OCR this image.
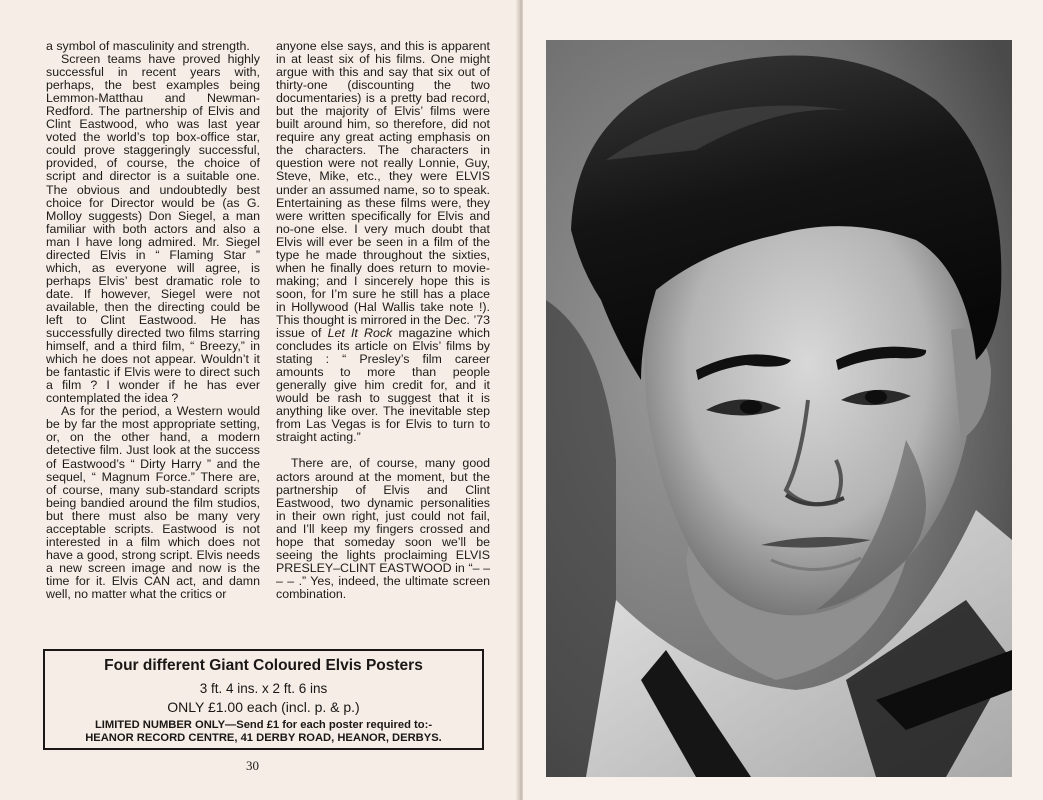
a symbol of masculinity and strength.

Screen teams have proved highly successful in recent years with, perhaps, the best examples being Lemmon-Matthau and Newman-Redford. The partnership of Elvis and Clint Eastwood, who was last year voted the world’s top box-office star, could prove staggeringly successful, provided, of course, the choice of script and director is a suitable one. The obvious and undoubtedly best choice for Director would be (as G. Molloy suggests) Don Siegel, a man familiar with both actors and also a man I have long admired. Mr. Siegel directed Elvis in “ Flaming Star ” which, as everyone will agree, is perhaps Elvis’ best dramatic role to date. If however, Siegel were not available, then the directing could be left to Clint Eastwood. He has successfully directed two films starring himself, and a third film, “ Breezy,” in which he does not appear. Wouldn’t it be fantastic if Elvis were to direct such a film ? I wonder if he has ever contemplated the idea ?

As for the period, a Western would be by far the most appropriate setting, or, on the other hand, a modern detective film. Just look at the success of Eastwood’s “ Dirty Harry ” and the sequel, “ Magnum Force.” There are, of course, many sub-standard scripts being bandied around the film studios, but there must also be many very acceptable scripts. Eastwood is not interested in a film which does not have a good, strong script. Elvis needs a new screen image and now is the time for it. Elvis CAN act, and damn well, no matter what the critics or

anyone else says, and this is apparent in at least six of his films. One might argue with this and say that six out of thirty-one (discounting the two documentaries) is a pretty bad record, but the majority of Elvis’ films were built around him, so therefore, did not require any great acting emphasis on the characters. The characters in question were not really Lonnie, Guy, Steve, Mike, etc., they were ELVIS under an assumed name, so to speak. Entertaining as these films were, they were written specifically for Elvis and no-one else. I very much doubt that Elvis will ever be seen in a film of the type he made throughout the sixties, when he finally does return to movie-making; and I sincerely hope this is soon, for I’m sure he still has a place in Hollywood (Hal Wallis take note !). This thought is mirrored in the Dec. ’73 issue of Let It Rock magazine which concludes its article on Elvis’ films by stating : “ Presley’s film career amounts to more than people generally give him credit for, and it would be rash to suggest that it is anything like over. The inevitable step from Las Vegas is for Elvis to turn to straight acting.”

There are, of course, many good actors around at the moment, but the partnership of Elvis and Clint Eastwood, two dynamic personalities in their own right, just could not fail, and I’ll keep my fingers crossed and hope that someday soon we’ll be seeing the lights proclaiming ELVIS PRESLEY–CLINT EASTWOOD in “– – – – .” Yes, indeed, the ultimate screen combination.

Four different Giant Coloured Elvis Posters
3 ft. 4 ins. x 2 ft. 6 ins
ONLY £1.00 each (incl. p. & p.)
LIMITED NUMBER ONLY—Send £1 for each poster required to:-
HEANOR RECORD CENTRE, 41 DERBY ROAD, HEANOR, DERBYS.
30
